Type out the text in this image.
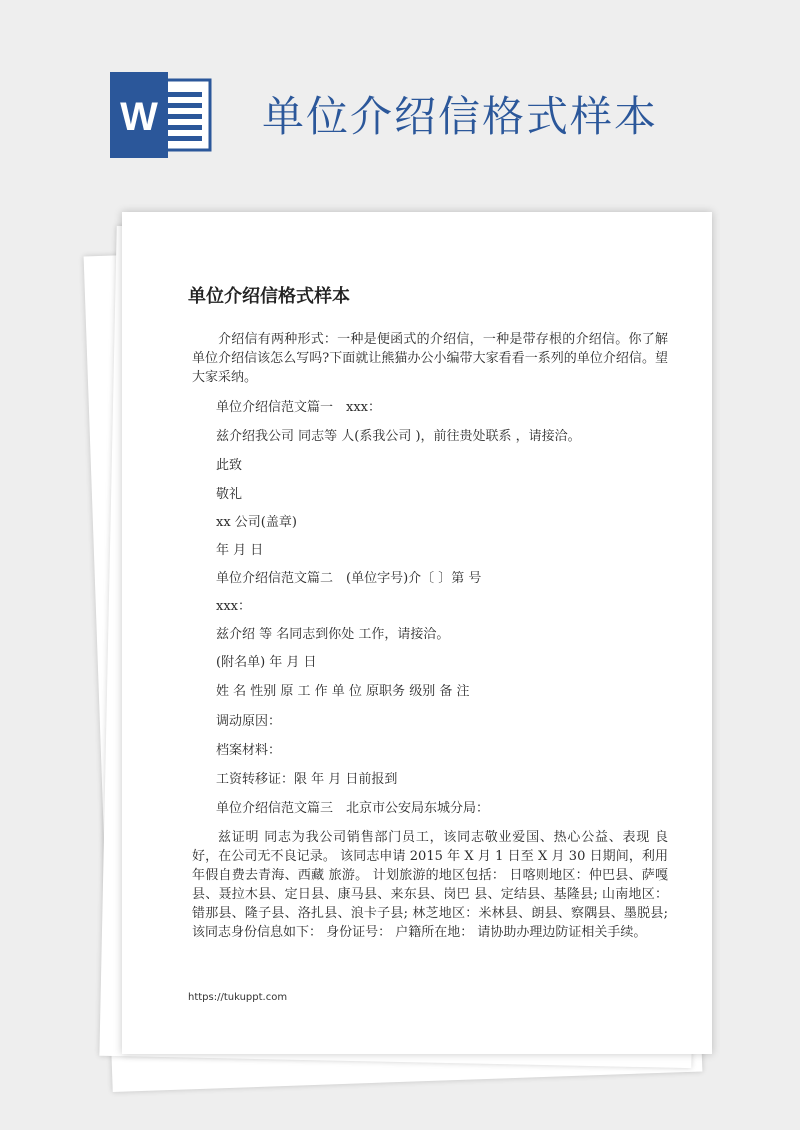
W 单位介绍信格式样本
单位介绍信格式样本

介绍信有两种形式：一种是便函式的介绍信，一种是带存根的介绍信。你了解单位介绍信该怎么写吗?下面就让熊猫办公小编带大家看看一系列的单位介绍信。望大家采纳。

单位介绍信范文篇一　xxx：

兹介绍我公司 同志等 人(系我公司 )，前往贵处联系 ，请接洽。

此致

敬礼

xx 公司(盖章)

年 月 日

单位介绍信范文篇二　(单位字号)介〔 〕第 号

xxx：

兹介绍 等 名同志到你处 工作，请接洽。

(附名单) 年 月 日

姓 名 性别 原 工 作 单 位 原职务 级别 备 注

调动原因：

档案材料：

工资转移证：限 年 月 日前报到

单位介绍信范文篇三　北京市公安局东城分局：

兹证明 同志为我公司销售部门员工，该同志敬业爱国、热心公益、表现 良好，在公司无不良记录。 该同志申请 2015 年 X 月 1 日至 X 月 30 日期间，利用年假自费去青海、西藏 旅游。 计划旅游的地区包括： 日喀则地区：仲巴县、萨嘎县、聂拉木县、定日县、康马县、来东县、岗巴 县、定结县、基隆县; 山南地区：错那县、隆子县、洛扎县、浪卡子县; 林芝地区：米林县、朗县、察隅县、墨脱县; 该同志身份信息如下： 身份证号： 户籍所在地： 请协助办理边防证相关手续。

https://tukuppt.com
